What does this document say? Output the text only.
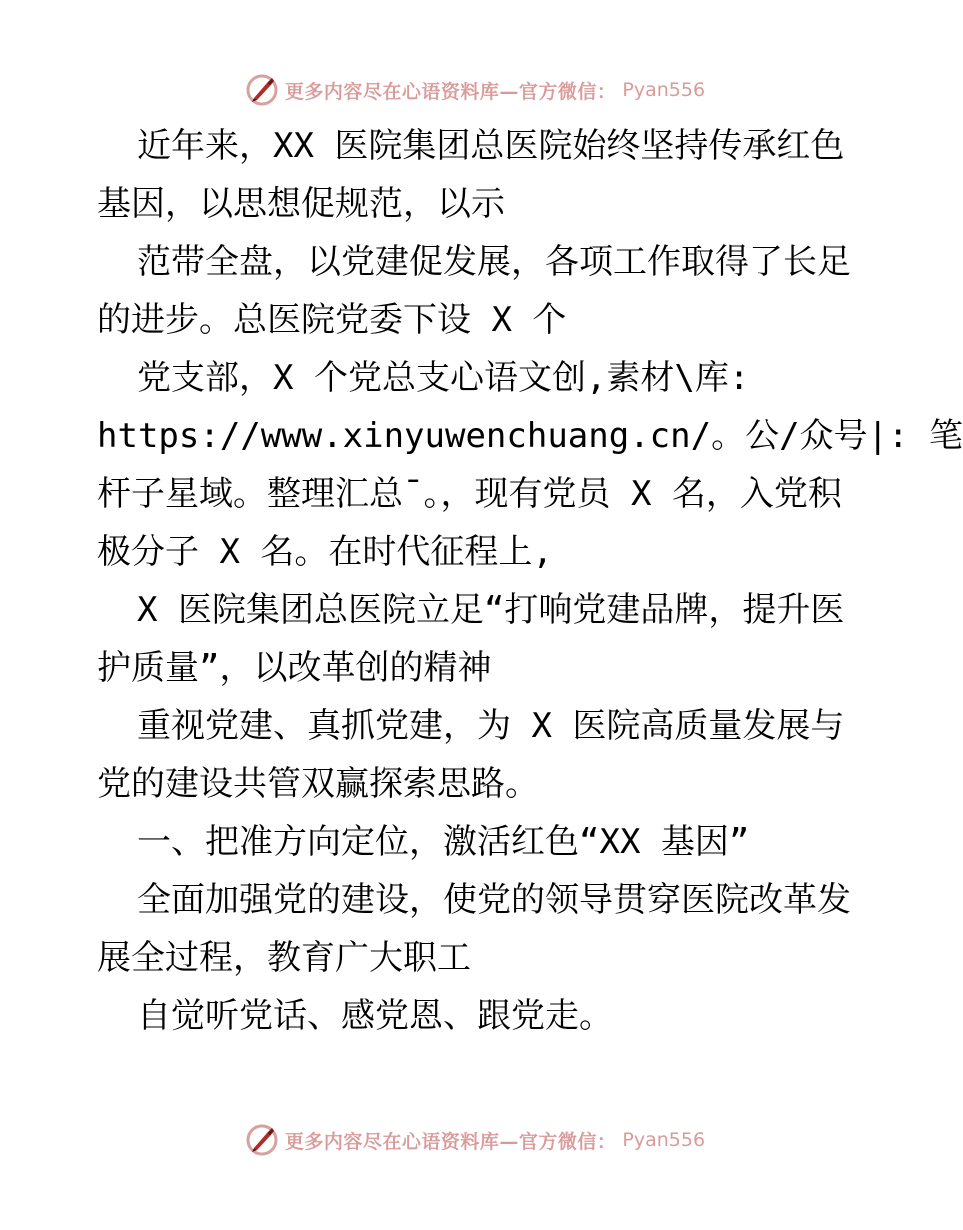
更多内容尽在心语资料库—官方微信： Pyan556
近年来，XX 医院集团总医院始终坚持传承红色
基因，以思想促规范，以示
范带全盘，以党建促发展，各项工作取得了长足
的进步。总医院党委下设 X 个
党支部，X 个党总支心语文创,素材\库:
https://www.xinyuwenchuang.cn/。公/众号|: 笔
杆子星域。整理汇总¯。，现有党员 X 名，入党积
极分子 X 名。在时代征程上,
X 医院集团总医院立足“打响党建品牌，提升医
护质量”，以改革创的精神
重视党建、真抓党建，为 X 医院高质量发展与
党的建设共管双赢探索思路。
一、把准方向定位，激活红色“XX 基因”
全面加强党的建设，使党的领导贯穿医院改革发
展全过程，教育广大职工
自觉听党话、感党恩、跟党走。
更多内容尽在心语资料库—官方微信： Pyan556
